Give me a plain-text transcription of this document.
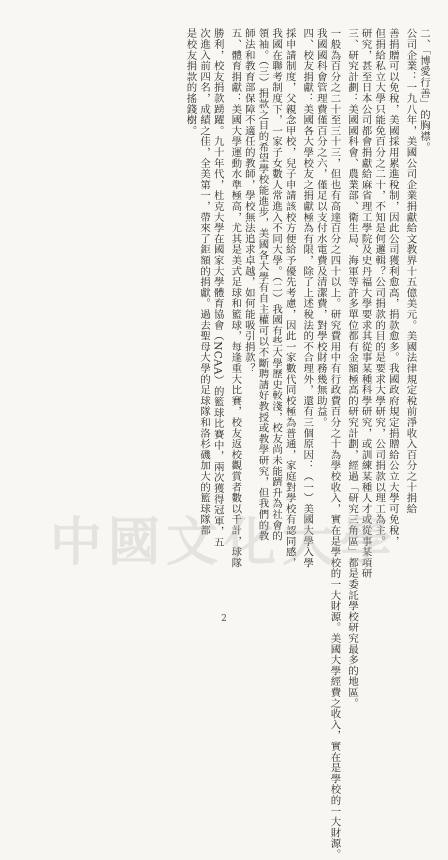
二、「博愛行善」的胸襟。
公司企業：一九八年，美國公司企業捐獻給文教界十五億美元。美國法律規定稅前淨收入百分之十捐給
善捐贈可以免稅，美國採用累進稅制，因此公司獲利愈高，捐款愈多。我國政府規定捐贈給公立大學可免稅，
但捐給私立大學只能免百分之二十，不知是何邏輯？公司捐款的目的是要求大學研究，公司捐款以理工為主。
研究，甚至日本公司都會捐獻給麻省理工學院及史丹福大學要求其從事某種科學研究，或訓練某種人才或從事某項研
三、研究計劃：美國國科會、農業部、衛生局、海軍等許多單位都有金額極高的研究計劃，經過「研究三角區」都是委託學校研究最多的地區。
一般為百分之二十至三十三，但也有高達百分之四十以上。研究費用中有行政費百分之十為學校收入，實在是學校的一大財源。美國大學經費之收入，實在是學校的一大財源。
我國國科會管理費僅百分之六，僅足以支付水電費及清潔費，對學校財務幾無助益。
四、校友捐獻：美國各大學校友之捐獻極為有限，除了上述稅法的不合理外，還有三個原因：（一）美國大學入學
採申請制度，父親念甲校，兒子申請該校方便給予優先考慮，因此一家數代同校極為普通，家庭對學校有認同感，
我國在聯考制度下，一家子女數人常進入不同大學。（二）我國有些大學歷史較淺，校友尚未能躋升為社會的
領袖。（三）捐款之目的希望學校能進步，美國各大學有自主權可以不斷聘請好教授或教學研究，但我們的教
師法和教育部保障不適任的教師，學校無法追求卓越，如何能吸引捐款？
五、體育捐獻：美國大學運動水準極高，尤其是美式足球和籃球，每逢重大比賽，校友返校觀賞者數以千計，球隊
勝利，校友捐款踴躍。九十年代，杜克大學在國家大學體育協會（NCAA）的籃球比賽中，兩次獲得冠軍，五
次進入前四名，成績之佳，全美第一，帶來了鉅額的捐獻。過去聖母大學的足球隊和洛杉磯加大的籃球隊都
是校友捐款的搖錢樹。
中國文化大學
2
